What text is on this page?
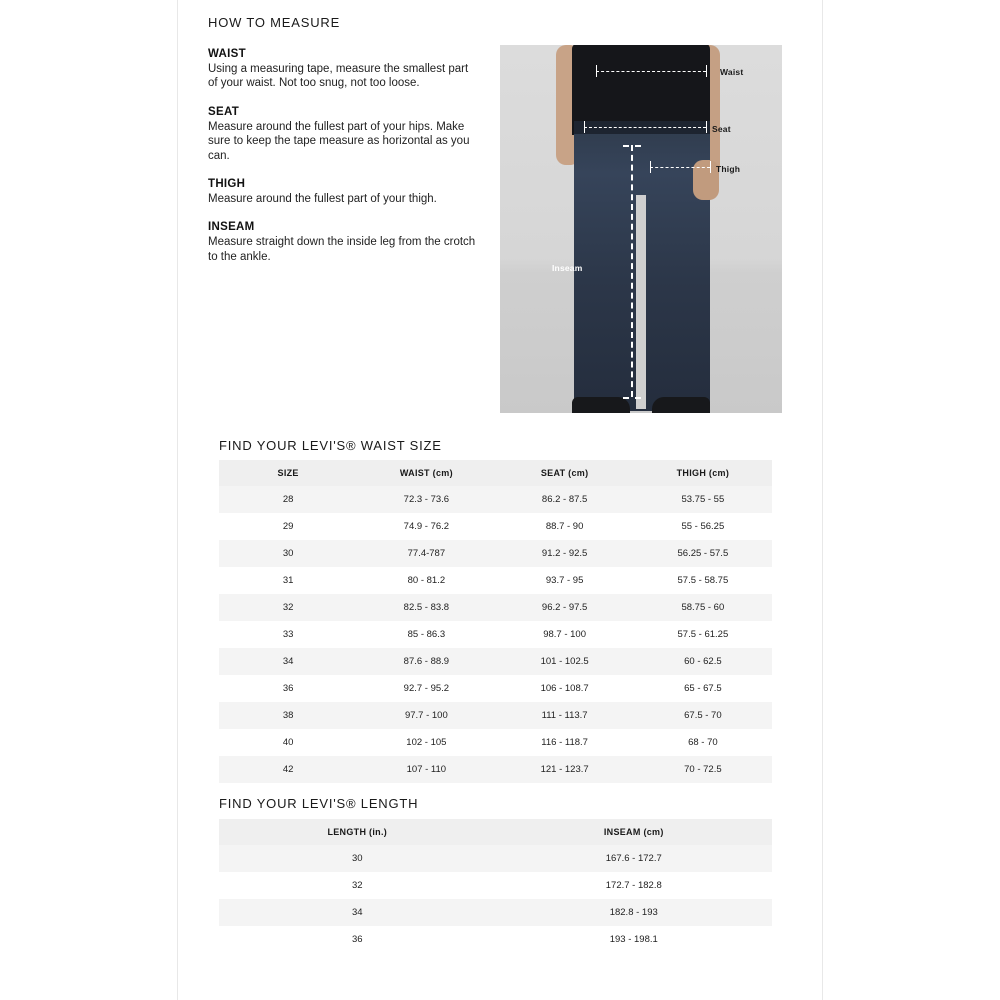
HOW TO MEASURE
WAIST
Using a measuring tape, measure the smallest part of your waist. Not too snug, not too loose.
SEAT
Measure around the fullest part of your hips. Make sure to keep the tape measure as horizontal as you can.
THIGH
Measure around the fullest part of your thigh.
INSEAM
Measure straight down the inside leg from the crotch to the ankle.
Waist
Seat
Thigh
Inseam
FIND YOUR LEVI'S® WAIST SIZE
SIZE	WAIST (cm)	SEAT (cm)	THIGH (cm)
28	72.3 - 73.6	86.2 - 87.5	53.75 - 55
29	74.9 - 76.2	88.7 - 90	55 - 56.25
30	77.4-787	91.2 - 92.5	56.25 - 57.5
31	80 - 81.2	93.7 - 95	57.5 - 58.75
32	82.5 - 83.8	96.2 - 97.5	58.75 - 60
33	85 - 86.3	98.7 - 100	57.5 - 61.25
34	87.6 - 88.9	101 - 102.5	60 - 62.5
36	92.7 - 95.2	106 - 108.7	65 - 67.5
38	97.7 - 100	111 - 113.7	67.5 - 70
40	102 - 105	116 - 118.7	68 - 70
42	107 - 110	121 - 123.7	70 - 72.5
FIND YOUR LEVI'S® LENGTH
LENGTH (in.)	INSEAM (cm)
30	167.6 - 172.7
32	172.7 - 182.8
34	182.8 - 193
36	193 - 198.1
